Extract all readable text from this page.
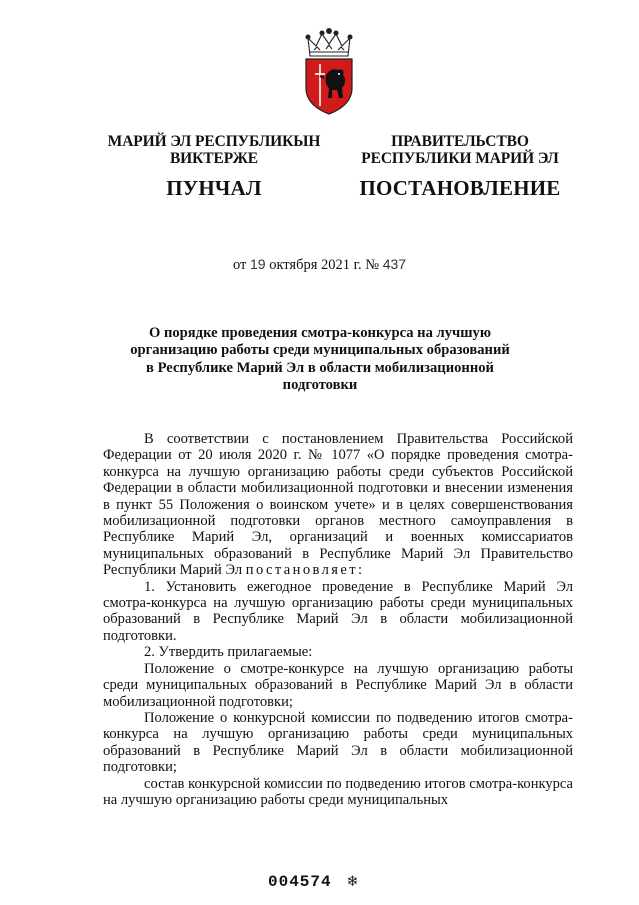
МАРИЙ ЭЛ РЕСПУБЛИКЫН
ВИКТЕРЖЕ
ПУНЧАЛ
ПРАВИТЕЛЬСТВО
РЕСПУБЛИКИ МАРИЙ ЭЛ
ПОСТАНОВЛЕНИЕ
от 19 октября 2021 г. № 437
О порядке проведения смотра-конкурса на лучшую
организацию работы среди муниципальных образований
в Республике Марий Эл в области мобилизационной подготовки

В соответствии с постановлением Правительства Российской Федерации от 20 июля 2020 г. № 1077 «О порядке проведения смотра-конкурса на лучшую организацию работы среди субъектов Российской Федерации в области мобилизационной подготовки и внесении изменения в пункт 55 Положения о воинском учете» и в целях совершенствования мобилизационной подготовки органов местного самоуправления в Республике Марий Эл, организаций и военных комиссариатов муниципальных образований в Республике Марий Эл Правительство Республики Марий Эл постановляет:

1. Установить ежегодное проведение в Республике Марий Эл смотра-конкурса на лучшую организацию работы среди муниципальных образований в Республике Марий Эл в области мобилизационной подготовки.

2. Утвердить прилагаемые:

Положение о смотре-конкурсе на лучшую организацию работы среди муниципальных образований в Республике Марий Эл в области мобилизационной подготовки;

Положение о конкурсной комиссии по подведению итогов смотра-конкурса на лучшую организацию работы среди муниципальных образований в Республике Марий Эл в области мобилизационной подготовки;

состав конкурсной комиссии по подведению итогов смотра-конкурса на лучшую организацию работы среди муниципальных

004574 ❄
